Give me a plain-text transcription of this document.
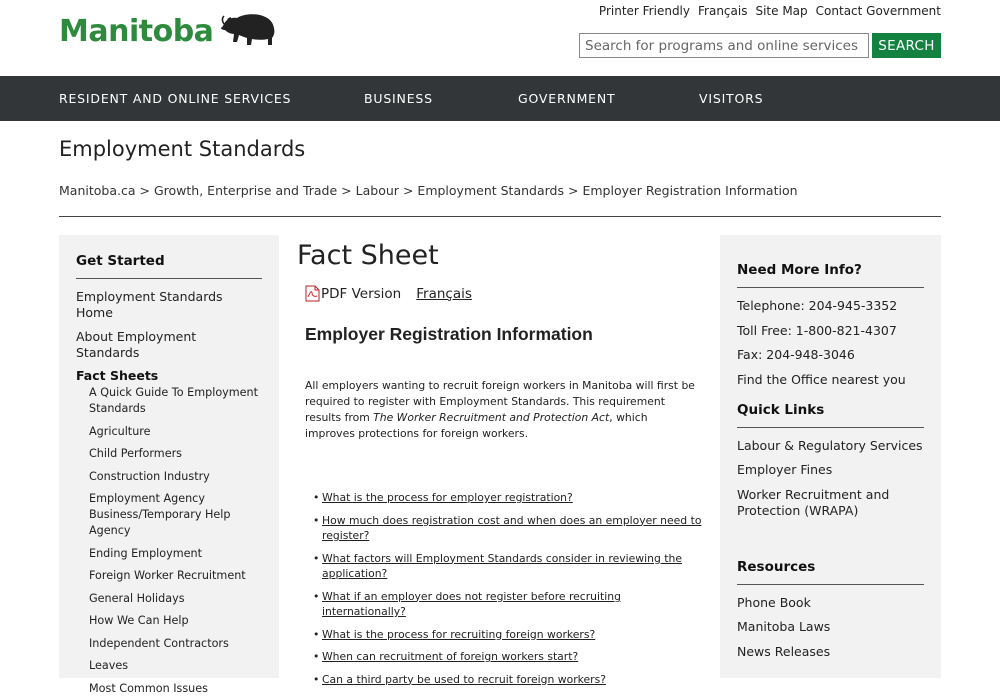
Manitoba
Printer Friendly Français Site Map Contact Government
Search for programs and online services
SEARCH
RESIDENT AND ONLINE SERVICES	BUSINESS	GOVERNMENT	VISITORS
Employment Standards
Manitoba.ca > Growth, Enterprise and Trade > Labour > Employment Standards > Employer Registration Information
Get Started
Employment Standards Home
About Employment Standards
Fact Sheets
A Quick Guide To Employment Standards
Agriculture
Child Performers
Construction Industry
Employment Agency Business/Temporary Help Agency
Ending Employment
Foreign Worker Recruitment
General Holidays
How We Can Help
Independent Contractors
Leaves
Most Common Issues
Fact Sheet
PDF Version Français
Employer Registration Information

All employers wanting to recruit foreign workers in Manitoba will first be required to register with Employment Standards. This requirement results from The Worker Recruitment and Protection Act, which improves protections for foreign workers.

• What is the process for employer registration?
• How much does registration cost and when does an employer need to register?
• What factors will Employment Standards consider in reviewing the application?
• What if an employer does not register before recruiting internationally?
• What is the process for recruiting foreign workers?
• When can recruitment of foreign workers start?
• Can a third party be used to recruit foreign workers?
Need More Info?
Telephone: 204-945-3352
Toll Free: 1-800-821-4307
Fax: 204-948-3046
Find the Office nearest you
Quick Links
Labour & Regulatory Services
Employer Fines
Worker Recruitment and Protection (WRAPA)
Resources
Phone Book
Manitoba Laws
News Releases
